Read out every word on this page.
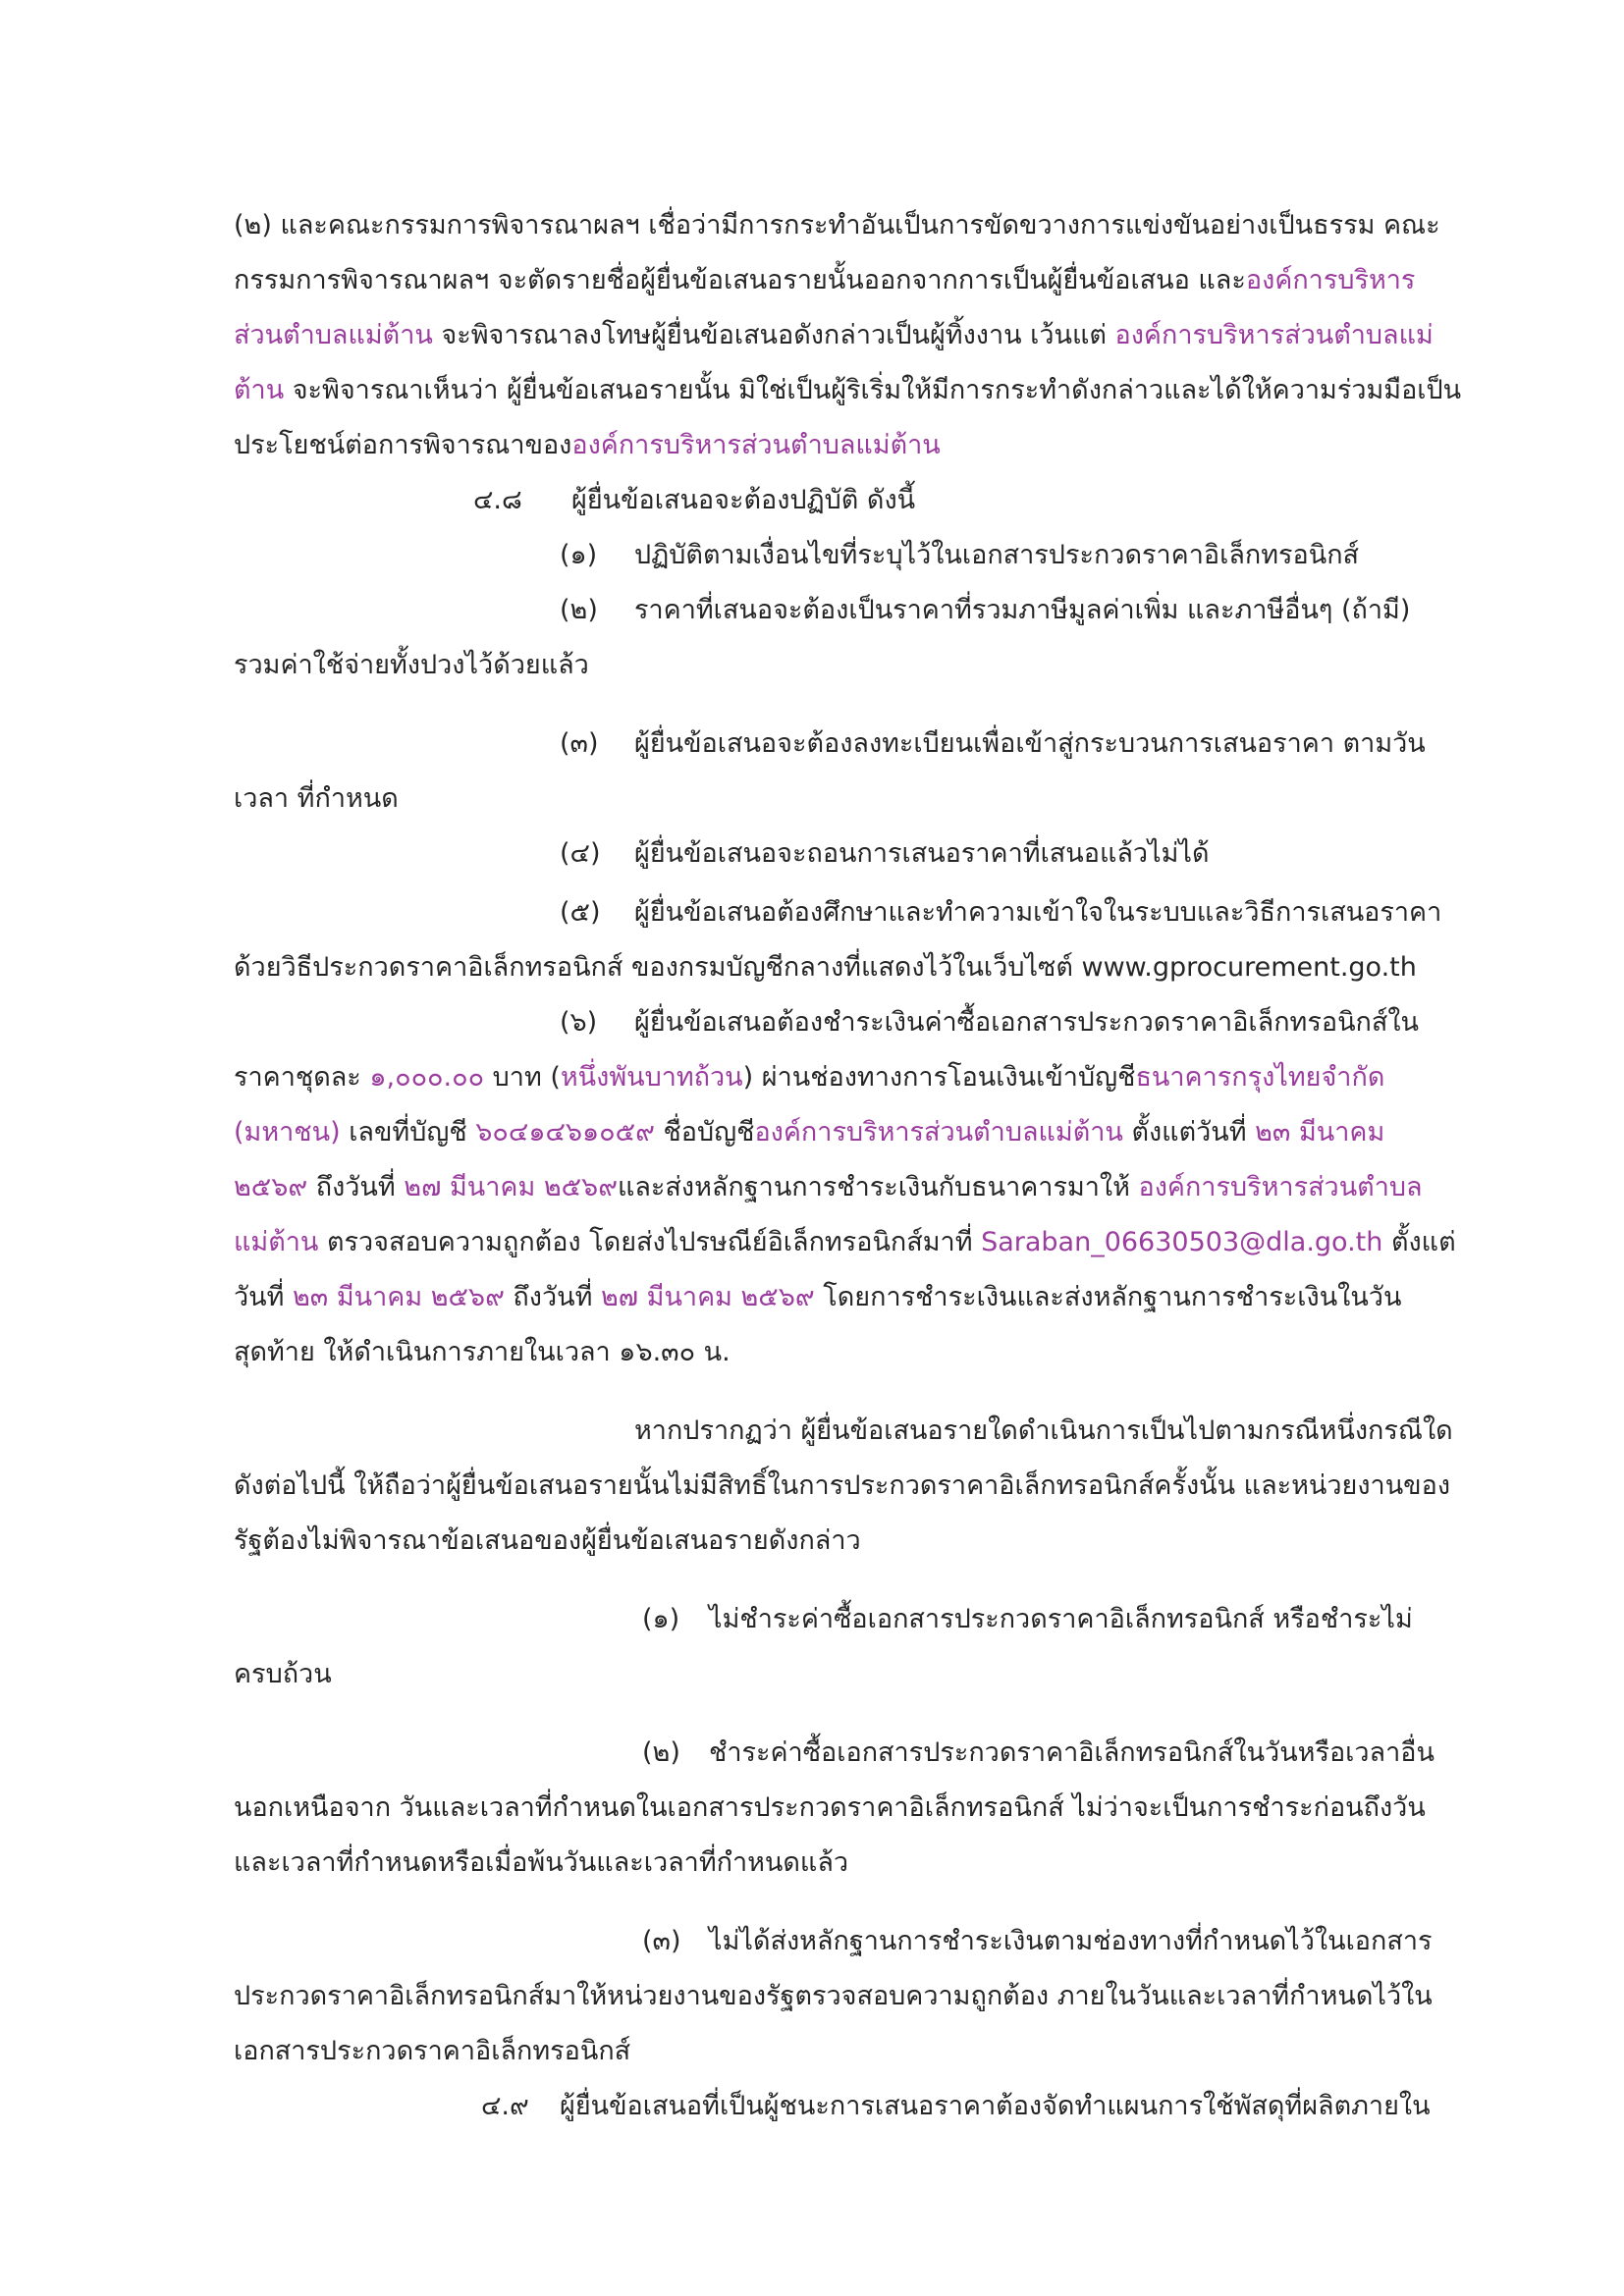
(๒) และคณะกรรมการพิจารณาผลฯ เชื่อว่ามีการกระทำอันเป็นการขัดขวางการแข่งขันอย่างเป็นธรรม คณะ
กรรมการพิจารณาผลฯ จะตัดรายชื่อผู้ยื่นข้อเสนอรายนั้นออกจากการเป็นผู้ยื่นข้อเสนอ และองค์การบริหาร
ส่วนตำบลแม่ต้าน จะพิจารณาลงโทษผู้ยื่นข้อเสนอดังกล่าวเป็นผู้ทิ้งงาน เว้นแต่ องค์การบริหารส่วนตำบลแม่
ต้าน จะพิจารณาเห็นว่า ผู้ยื่นข้อเสนอรายนั้น มิใช่เป็นผู้ริเริ่มให้มีการกระทำดังกล่าวและได้ให้ความร่วมมือเป็น
ประโยชน์ต่อการพิจารณาขององค์การบริหารส่วนตำบลแม่ต้าน
๔.๘ ผู้ยื่นข้อเสนอจะต้องปฏิบัติ ดังนี้
(๑) ปฏิบัติตามเงื่อนไขที่ระบุไว้ในเอกสารประกวดราคาอิเล็กทรอนิกส์
(๒) ราคาที่เสนอจะต้องเป็นราคาที่รวมภาษีมูลค่าเพิ่ม และภาษีอื่นๆ (ถ้ามี)
รวมค่าใช้จ่ายทั้งปวงไว้ด้วยแล้ว
(๓) ผู้ยื่นข้อเสนอจะต้องลงทะเบียนเพื่อเข้าสู่กระบวนการเสนอราคา ตามวัน
เวลา ที่กำหนด
(๔) ผู้ยื่นข้อเสนอจะถอนการเสนอราคาที่เสนอแล้วไม่ได้
(๕) ผู้ยื่นข้อเสนอต้องศึกษาและทำความเข้าใจในระบบและวิธีการเสนอราคา
ด้วยวิธีประกวดราคาอิเล็กทรอนิกส์ ของกรมบัญชีกลางที่แสดงไว้ในเว็บไซต์ www.gprocurement.go.th
(๖) ผู้ยื่นข้อเสนอต้องชำระเงินค่าซื้อเอกสารประกวดราคาอิเล็กทรอนิกส์ใน
ราคาชุดละ ๑,๐๐๐.๐๐ บาท (หนึ่งพันบาทถ้วน) ผ่านช่องทางการโอนเงินเข้าบัญชีธนาคารกรุงไทยจำกัด
(มหาชน) เลขที่บัญชี ๖๐๔๑๔๖๑๐๕๙ ชื่อบัญชีองค์การบริหารส่วนตำบลแม่ต้าน ตั้งแต่วันที่ ๒๓ มีนาคม
๒๕๖๙ ถึงวันที่ ๒๗ มีนาคม ๒๕๖๙และส่งหลักฐานการชำระเงินกับธนาคารมาให้ องค์การบริหารส่วนตำบล
แม่ต้าน ตรวจสอบความถูกต้อง โดยส่งไปรษณีย์อิเล็กทรอนิกส์มาที่ Saraban_06630503@dla.go.th ตั้งแต่
วันที่ ๒๓ มีนาคม ๒๕๖๙ ถึงวันที่ ๒๗ มีนาคม ๒๕๖๙ โดยการชำระเงินและส่งหลักฐานการชำระเงินในวัน
สุดท้าย ให้ดำเนินการภายในเวลา ๑๖.๓๐ น.
หากปรากฏว่า ผู้ยื่นข้อเสนอรายใดดำเนินการเป็นไปตามกรณีหนึ่งกรณีใด
ดังต่อไปนี้ ให้ถือว่าผู้ยื่นข้อเสนอรายนั้นไม่มีสิทธิ์ในการประกวดราคาอิเล็กทรอนิกส์ครั้งนั้น และหน่วยงานของ
รัฐต้องไม่พิจารณาข้อเสนอของผู้ยื่นข้อเสนอรายดังกล่าว
(๑) ไม่ชำระค่าซื้อเอกสารประกวดราคาอิเล็กทรอนิกส์ หรือชำระไม่
ครบถ้วน
(๒) ชำระค่าซื้อเอกสารประกวดราคาอิเล็กทรอนิกส์ในวันหรือเวลาอื่น
นอกเหนือจาก วันและเวลาที่กำหนดในเอกสารประกวดราคาอิเล็กทรอนิกส์ ไม่ว่าจะเป็นการชำระก่อนถึงวัน
และเวลาที่กำหนดหรือเมื่อพ้นวันและเวลาที่กำหนดแล้ว
(๓) ไม่ได้ส่งหลักฐานการชำระเงินตามช่องทางที่กำหนดไว้ในเอกสาร
ประกวดราคาอิเล็กทรอนิกส์มาให้หน่วยงานของรัฐตรวจสอบความถูกต้อง ภายในวันและเวลาที่กำหนดไว้ใน
เอกสารประกวดราคาอิเล็กทรอนิกส์
๔.๙ ผู้ยื่นข้อเสนอที่เป็นผู้ชนะการเสนอราคาต้องจัดทำแผนการใช้พัสดุที่ผลิตภายใน
